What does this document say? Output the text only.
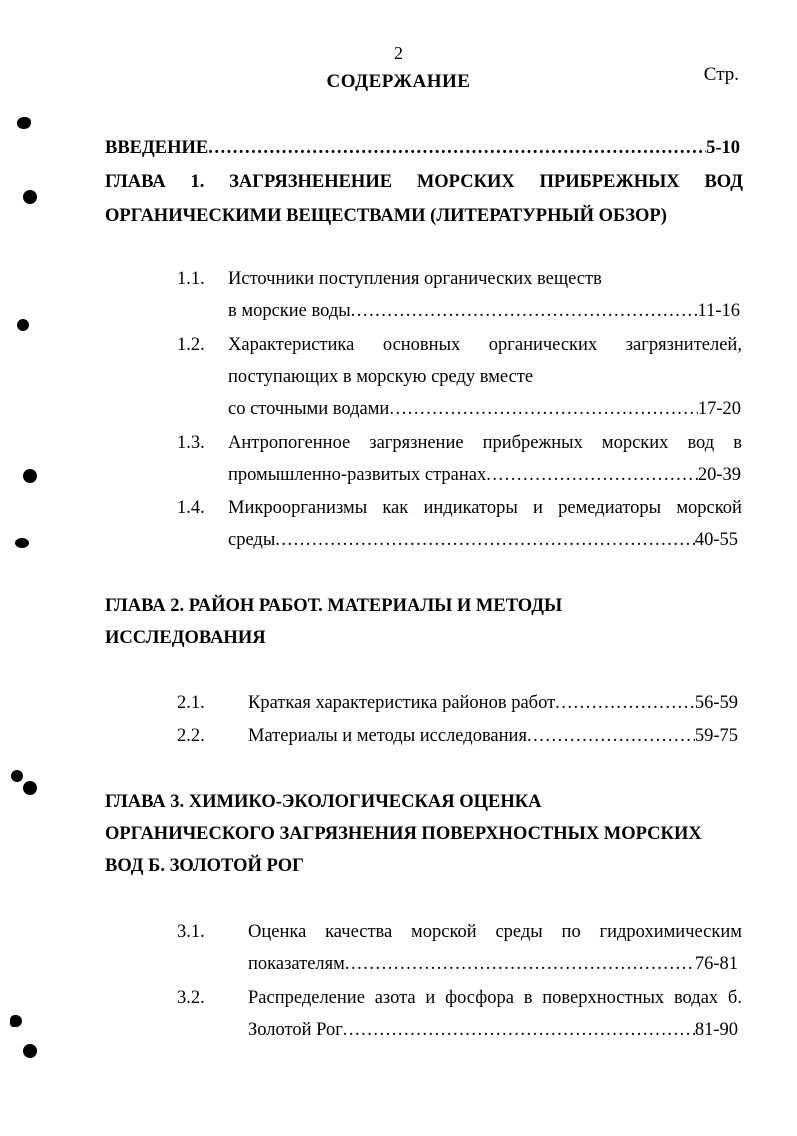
2
СОДЕРЖАНИЕ	Стр.
ВВЕДЕНИЕ .....	5-10
ГЛАВА 1. ЗАГРЯЗНЕНЕНИЕ МОРСКИХ ПРИБРЕЖНЫХ ВОД
ОРГАНИЧЕСКИМИ ВЕЩЕСТВАМИ (ЛИТЕРАТУРНЫЙ ОБЗОР)
1.1. Источники поступления органических веществ
в морские воды .....	11-16
1.2. Характеристика основных органических загрязнителей,
поступающих в морскую среду вместе
со сточными водами .....	17-20
1.3. Антропогенное загрязнение прибрежных морских вод в
промышленно-развитых странах .....	20-39
1.4. Микроорганизмы как индикаторы и ремедиаторы морской
среды .....	40-55
ГЛАВА 2. РАЙОН РАБОТ. МАТЕРИАЛЫ И МЕТОДЫ
ИССЛЕДОВАНИЯ
2.1. Краткая характеристика районов работ .....	56-59
2.2. Материалы и методы исследования .....	59-75
ГЛАВА 3. ХИМИКО-ЭКОЛОГИЧЕСКАЯ ОЦЕНКА
ОРГАНИЧЕСКОГО ЗАГРЯЗНЕНИЯ ПОВЕРХНОСТНЫХ МОРСКИХ
ВОД Б. ЗОЛОТОЙ РОГ
3.1. Оценка качества морской среды по гидрохимическим
показателям .....	76-81
3.2. Распределение азота и фосфора в поверхностных водах б.
Золотой Рог .....	81-90
